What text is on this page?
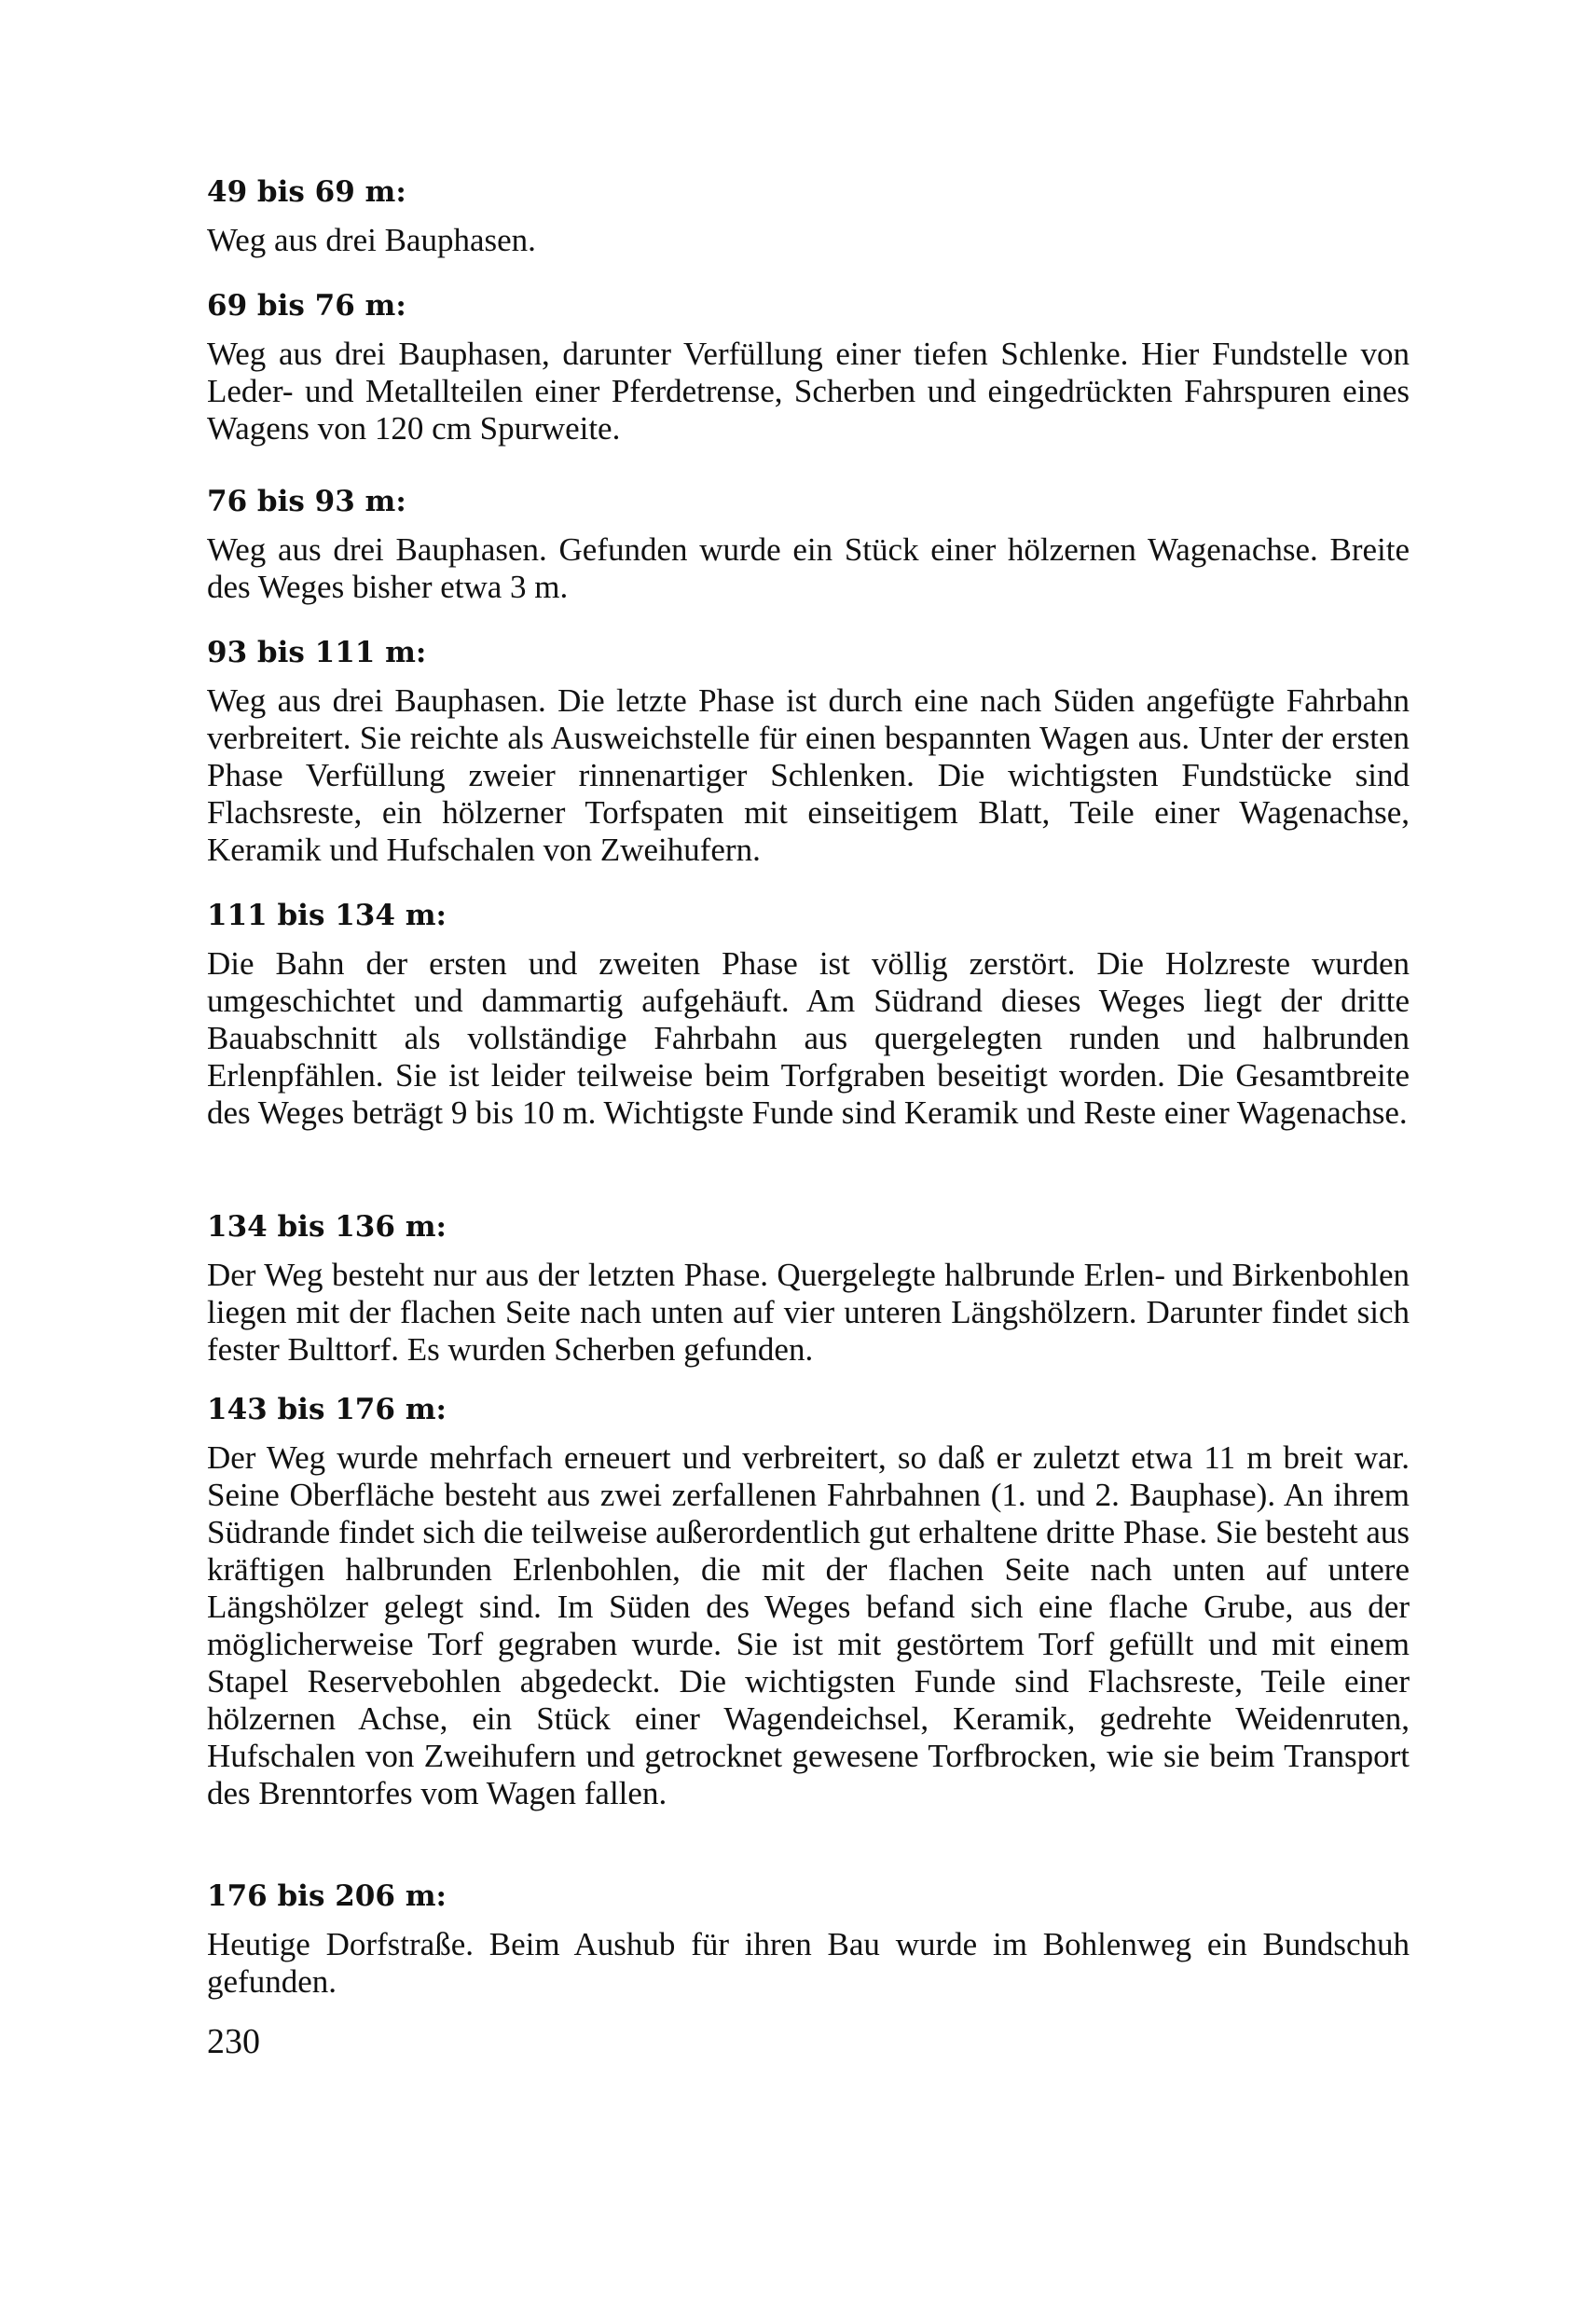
49 bis 69 m:

Weg aus drei Bauphasen.

69 bis 76 m:

Weg aus drei Bauphasen, darunter Verfüllung einer tiefen Schlenke. Hier Fundstelle von Leder- und Metallteilen einer Pferdetrense, Scherben und eingedrückten Fahrspuren eines Wagens von 120 cm Spurweite.

76 bis 93 m:

Weg aus drei Bauphasen. Gefunden wurde ein Stück einer hölzernen Wagenachse. Breite des Weges bisher etwa 3 m.

93 bis 111 m:

Weg aus drei Bauphasen. Die letzte Phase ist durch eine nach Süden angefügte Fahrbahn verbreitert. Sie reichte als Ausweichstelle für einen bespannten Wagen aus. Unter der ersten Phase Verfüllung zweier rinnenartiger Schlenken. Die wichtigsten Fundstücke sind Flachsreste, ein hölzerner Torfspaten mit einseitigem Blatt, Teile einer Wagenachse, Keramik und Hufschalen von Zweihufern.

111 bis 134 m:

Die Bahn der ersten und zweiten Phase ist völlig zerstört. Die Holzreste wurden umgeschichtet und dammartig aufgehäuft. Am Südrand dieses Weges liegt der dritte Bauabschnitt als vollständige Fahrbahn aus quergelegten runden und halbrunden Erlenpfählen. Sie ist leider teilweise beim Torfgraben beseitigt worden. Die Gesamtbreite des Weges beträgt 9 bis 10 m. Wichtigste Funde sind Keramik und Reste einer Wagenachse.

134 bis 136 m:

Der Weg besteht nur aus der letzten Phase. Quergelegte halbrunde Erlen- und Birkenbohlen liegen mit der flachen Seite nach unten auf vier unteren Längshölzern. Darunter findet sich fester Bulttorf. Es wurden Scherben gefunden.

143 bis 176 m:

Der Weg wurde mehrfach erneuert und verbreitert, so daß er zuletzt etwa 11 m breit war. Seine Oberfläche besteht aus zwei zerfallenen Fahrbahnen (1. und 2. Bauphase). An ihrem Südrande findet sich die teilweise außerordentlich gut erhaltene dritte Phase. Sie besteht aus kräftigen halbrunden Erlenbohlen, die mit der flachen Seite nach unten auf untere Längshölzer gelegt sind. Im Süden des Weges befand sich eine flache Grube, aus der möglicherweise Torf gegraben wurde. Sie ist mit gestörtem Torf gefüllt und mit einem Stapel Reservebohlen abgedeckt. Die wichtigsten Funde sind Flachsreste, Teile einer hölzernen Achse, ein Stück einer Wagendeichsel, Keramik, gedrehte Weidenruten, Hufschalen von Zweihufern und getrocknet gewesene Torfbrocken, wie sie beim Transport des Brenntorfes vom Wagen fallen.

176 bis 206 m:

Heutige Dorfstraße. Beim Aushub für ihren Bau wurde im Bohlenweg ein Bundschuh gefunden.

230
